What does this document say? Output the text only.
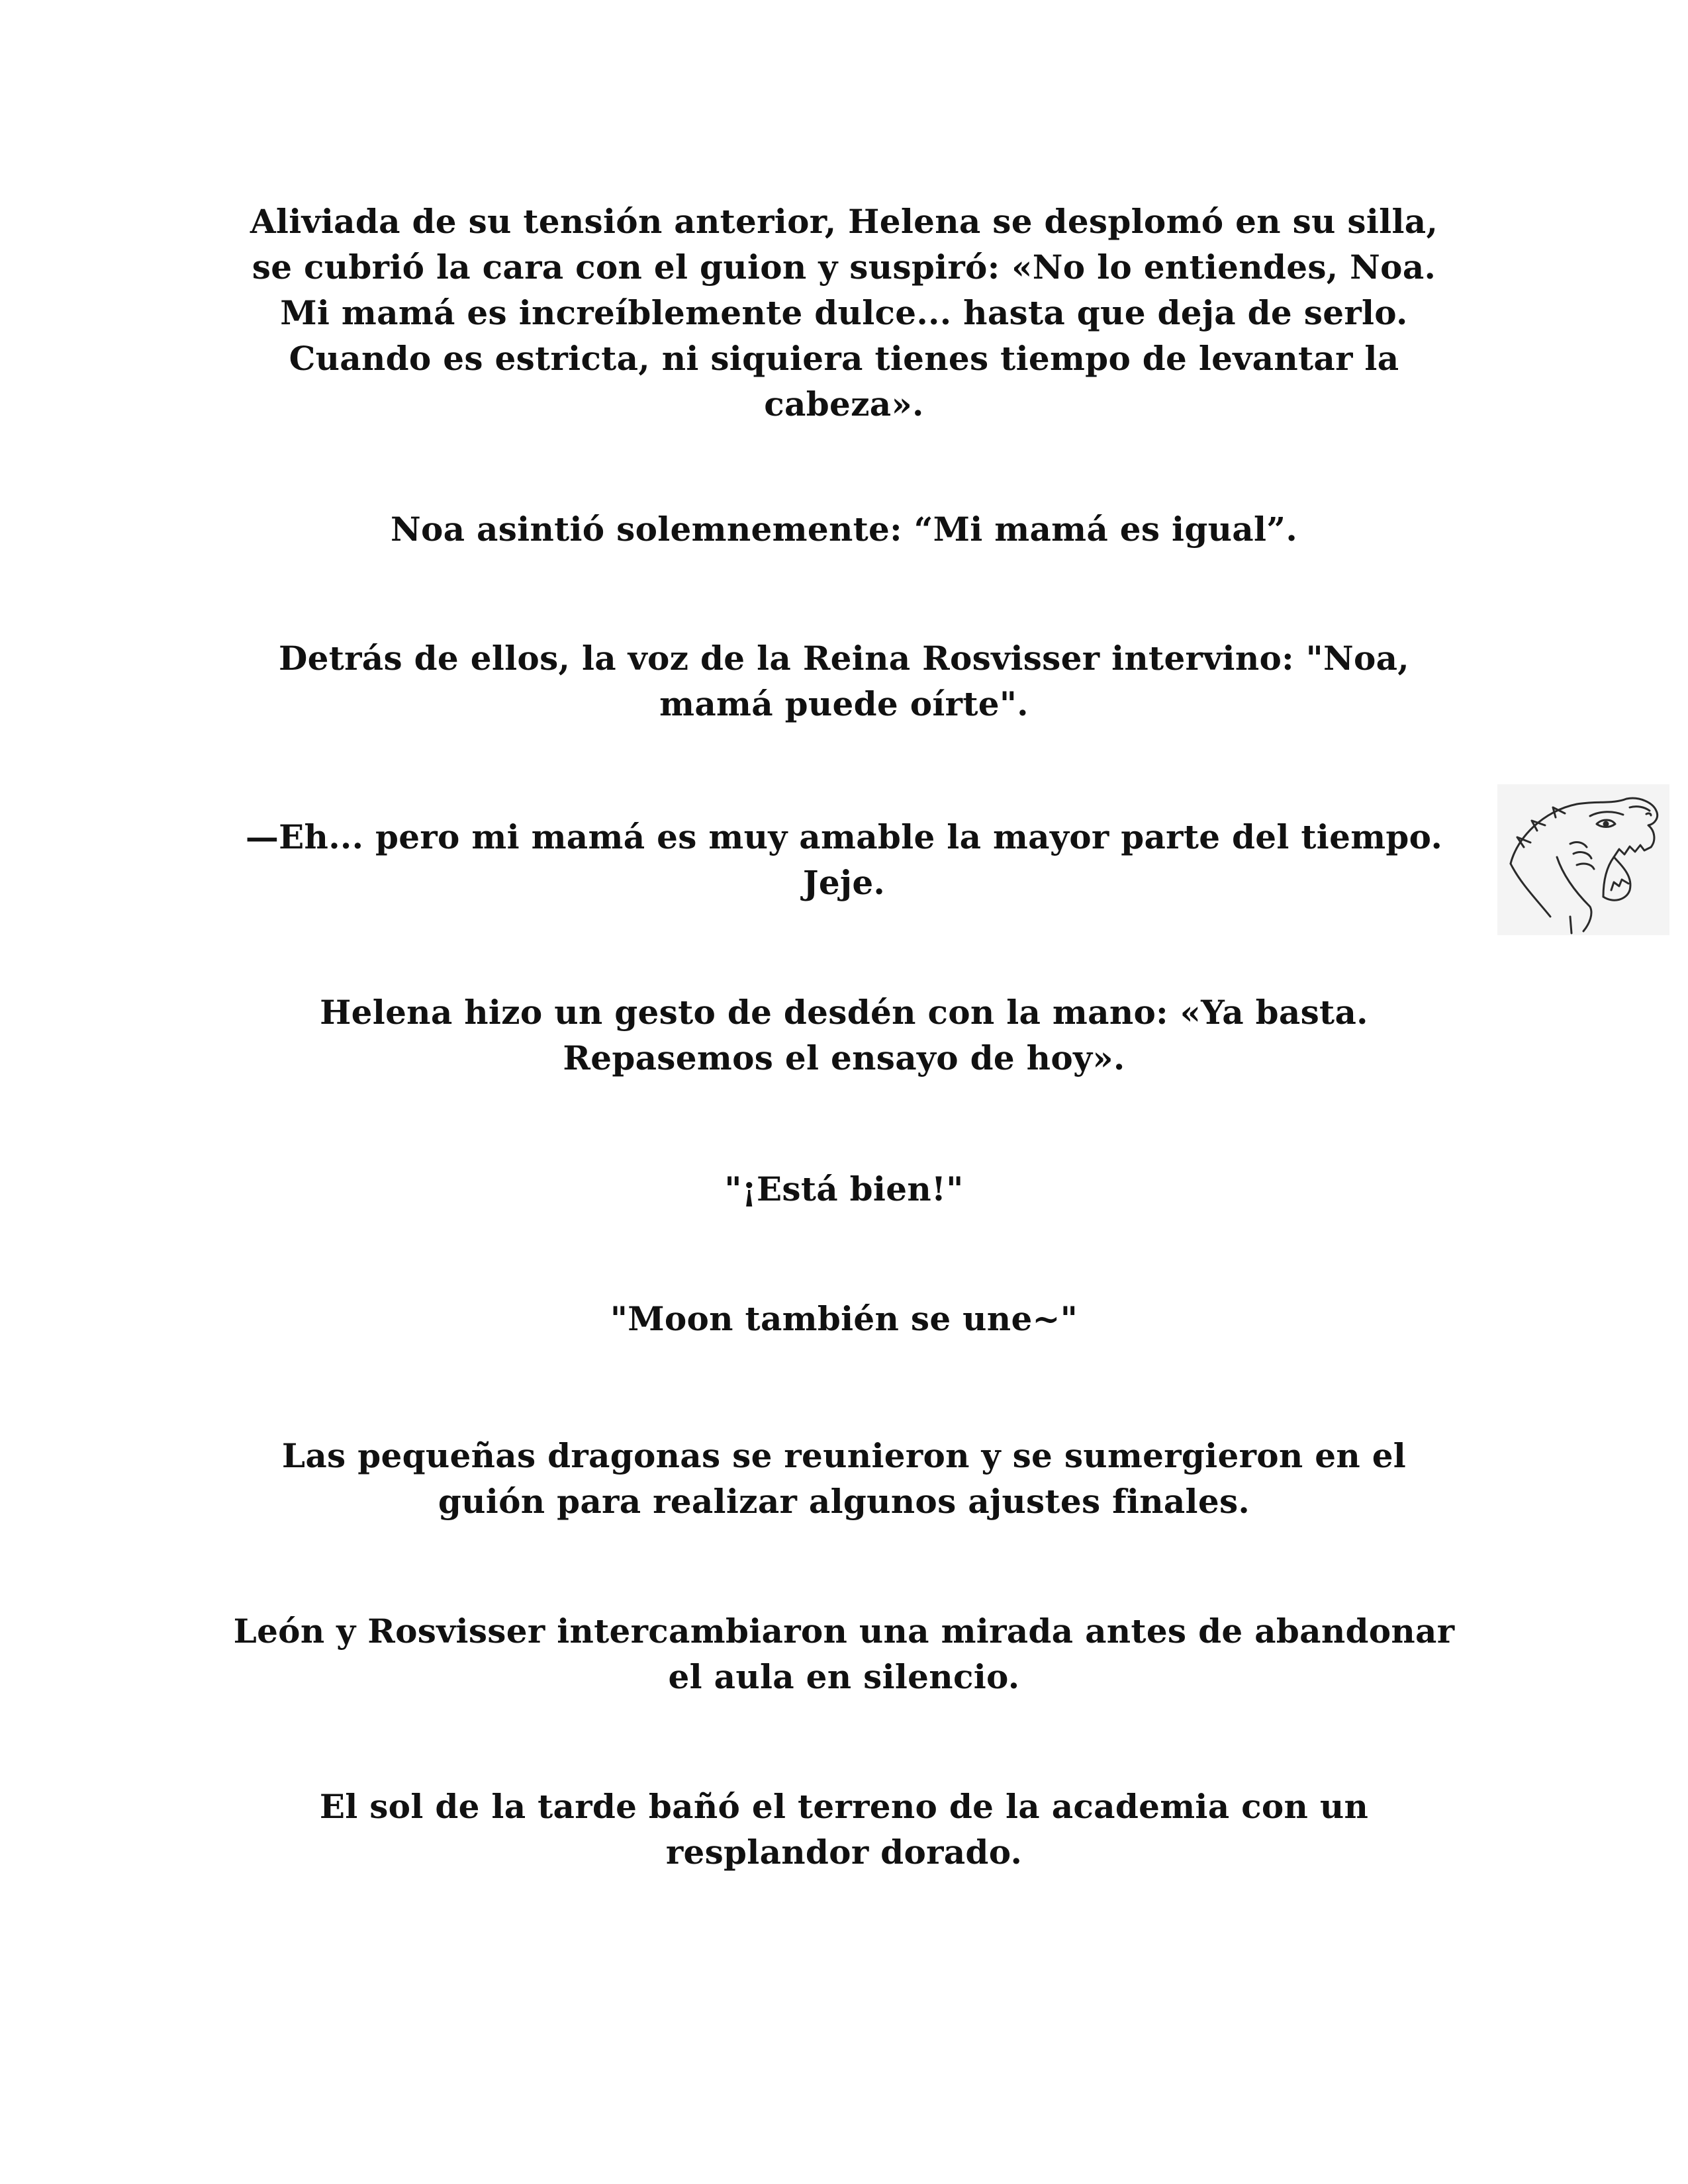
Aliviada de su tensión anterior, Helena se desplomó en su silla, se cubrió la cara con el guion y suspiró: «No lo entiendes, Noa. Mi mamá es increíblemente dulce... hasta que deja de serlo. Cuando es estricta, ni siquiera tienes tiempo de levantar la cabeza».

Noa asintió solemnemente: “Mi mamá es igual”.

Detrás de ellos, la voz de la Reina Rosvisser intervino: "Noa, mamá puede oírte".

—Eh... pero mi mamá es muy amable la mayor parte del tiempo. Jeje.

Helena hizo un gesto de desdén con la mano: «Ya basta. Repasemos el ensayo de hoy».

"¡Está bien!"

"Moon también se une~"

Las pequeñas dragonas se reunieron y se sumergieron en el guión para realizar algunos ajustes finales.

León y Rosvisser intercambiaron una mirada antes de abandonar el aula en silencio.

El sol de la tarde bañó el terreno de la academia con un resplandor dorado.
